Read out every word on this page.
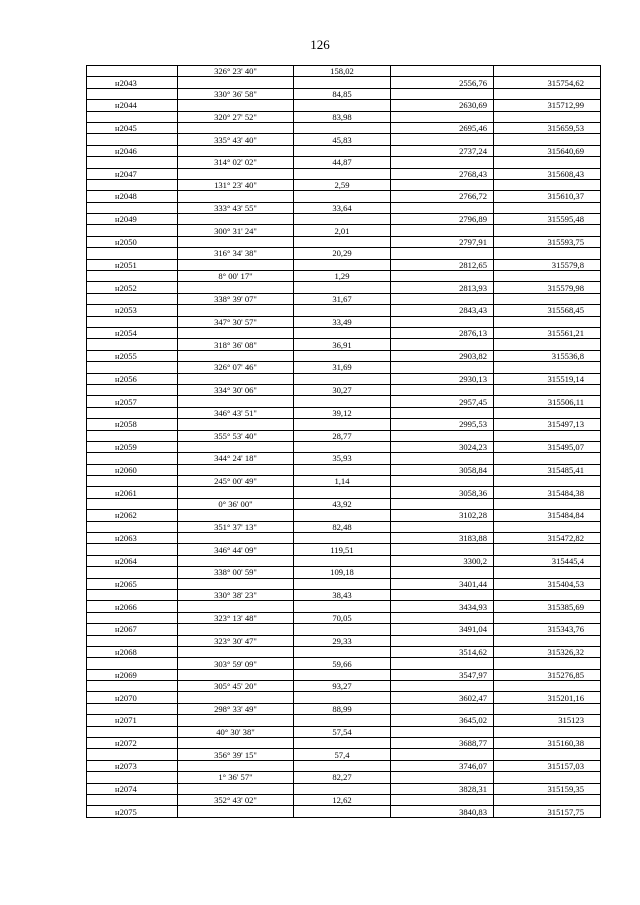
126
	326° 23' 40"	158,02		
н2043			2556,76	315754,62
	330° 36' 58"	84,85		
н2044			2630,69	315712,99
	320° 27' 52"	83,98		
н2045			2695,46	315659,53
	335° 43' 40"	45,83		
н2046			2737,24	315640,69
	314° 02' 02"	44,87		
н2047			2768,43	315608,43
	131° 23' 40"	2,59		
н2048			2766,72	315610,37
	333° 43' 55"	33,64		
н2049			2796,89	315595,48
	300° 31' 24"	2,01		
н2050			2797,91	315593,75
	316° 34' 38"	20,29		
н2051			2812,65	315579,8
	8° 00' 17"	1,29		
н2052			2813,93	315579,98
	338° 39' 07"	31,67		
н2053			2843,43	315568,45
	347° 30' 57"	33,49		
н2054			2876,13	315561,21
	318° 36' 08"	36,91		
н2055			2903,82	315536,8
	326° 07' 46"	31,69		
н2056			2930,13	315519,14
	334° 30' 06"	30,27		
н2057			2957,45	315506,11
	346° 43' 51"	39,12		
н2058			2995,53	315497,13
	355° 53' 40"	28,77		
н2059			3024,23	315495,07
	344° 24' 18"	35,93		
н2060			3058,84	315485,41
	245° 00' 49"	1,14		
н2061			3058,36	315484,38
	0° 36' 00"	43,92		
н2062			3102,28	315484,84
	351° 37' 13"	82,48		
н2063			3183,88	315472,82
	346° 44' 09"	119,51		
н2064			3300,2	315445,4
	338° 00' 59"	109,18		
н2065			3401,44	315404,53
	330° 38' 23"	38,43		
н2066			3434,93	315385,69
	323° 13' 48"	70,05		
н2067			3491,04	315343,76
	323° 30' 47"	29,33		
н2068			3514,62	315326,32
	303° 59' 09"	59,66		
н2069			3547,97	315276,85
	305° 45' 20"	93,27		
н2070			3602,47	315201,16
	298° 33' 49"	88,99		
н2071			3645,02	315123
	40° 30' 38"	57,54		
н2072			3688,77	315160,38
	356° 39' 15"	57,4		
н2073			3746,07	315157,03
	1° 36' 57"	82,27		
н2074			3828,31	315159,35
	352° 43' 02"	12,62		
н2075			3840,83	315157,75
